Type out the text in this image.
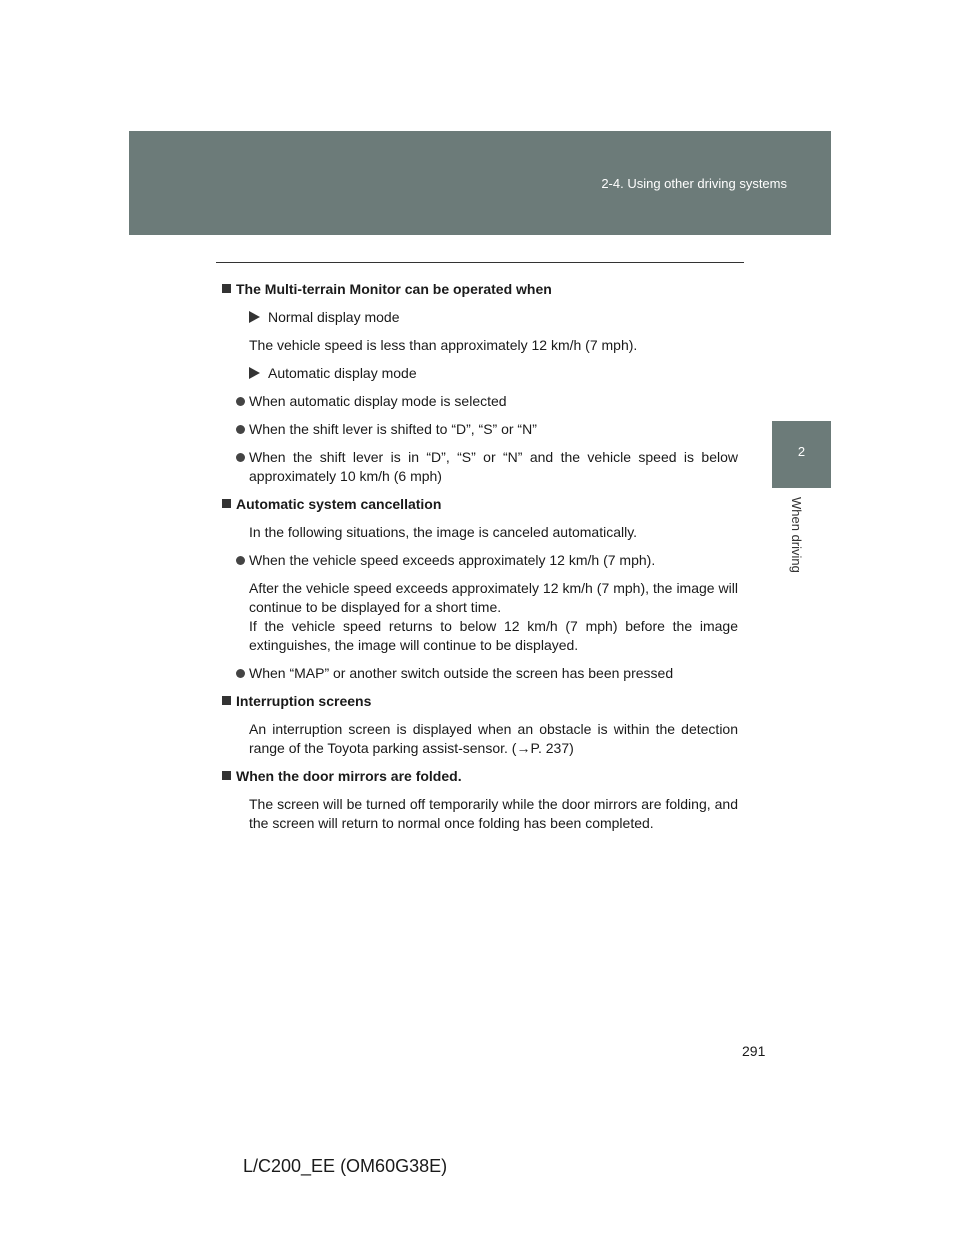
2-4. Using other driving systems
2
When driving

The Multi-terrain Monitor can be operated when

Normal display mode

The vehicle speed is less than approximately 12 km/h (7 mph).

Automatic display mode

When automatic display mode is selected

When the shift lever is shifted to “D”, “S” or “N”

When the shift lever is in “D”, “S” or “N” and the vehicle speed is below approximately 10 km/h (6 mph)

Automatic system cancellation

In the following situations, the image is canceled automatically.

When the vehicle speed exceeds approximately 12 km/h (7 mph).

After the vehicle speed exceeds approximately 12 km/h (7 mph), the image will continue to be displayed for a short time.
If the vehicle speed returns to below 12 km/h (7 mph) before the image extinguishes, the image will continue to be displayed.

When “MAP” or another switch outside the screen has been pressed

Interruption screens

An interruption screen is displayed when an obstacle is within the detection range of the Toyota parking assist-sensor. (→P. 237)

When the door mirrors are folded.

The screen will be turned off temporarily while the door mirrors are folding, and the screen will return to normal once folding has been completed.

291
L/C200_EE (OM60G38E)
